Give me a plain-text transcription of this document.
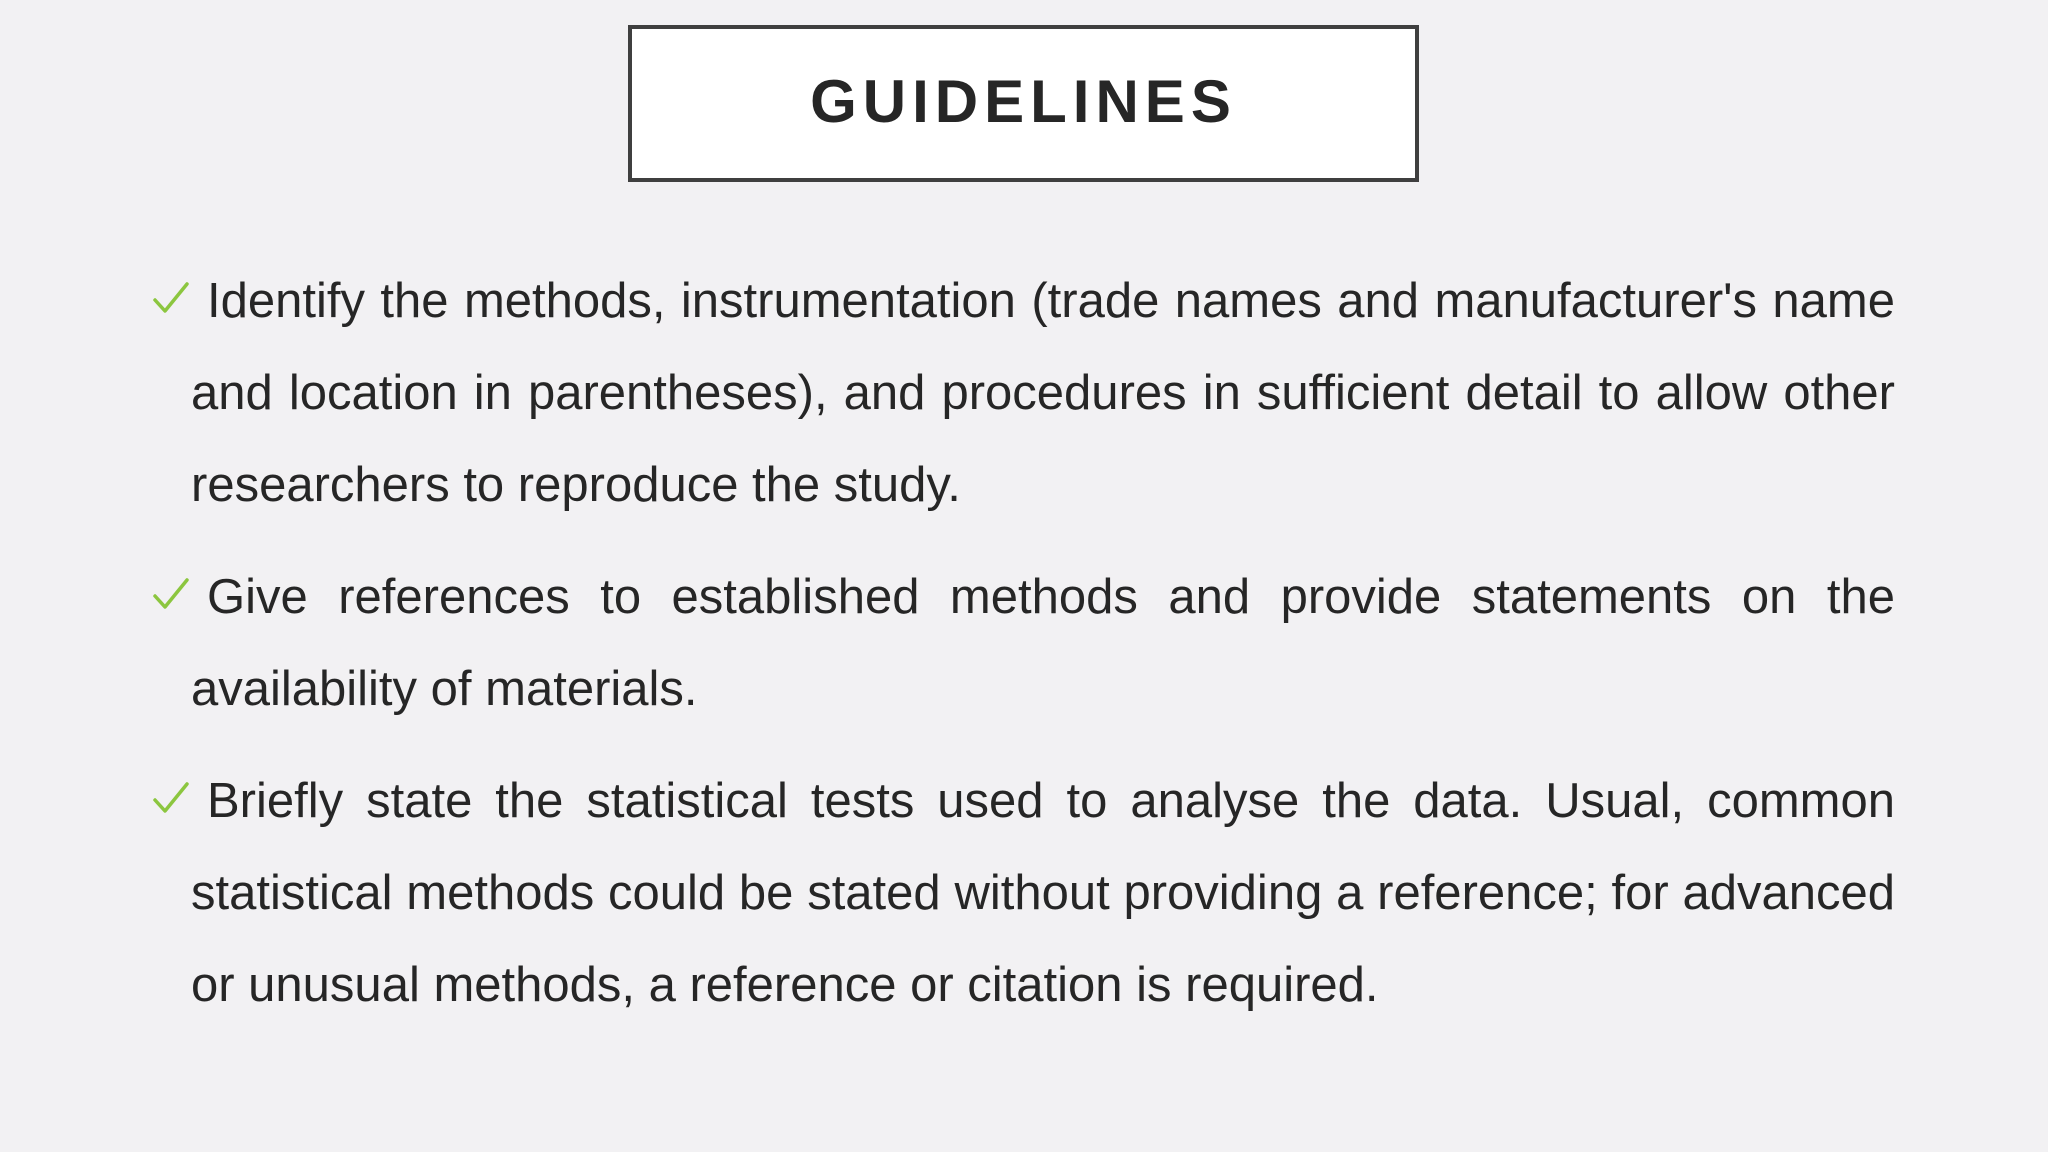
GUIDELINES
Identify the methods, instrumentation (trade names and manufacturer's name and location in parentheses), and procedures in sufficient detail to allow other researchers to reproduce the study.
Give references to established methods and provide statements on the availability of materials.
Briefly state the statistical tests used to analyse the data. Usual, common statistical methods could be stated without providing a reference; for advanced or unusual methods, a reference or citation is required.
